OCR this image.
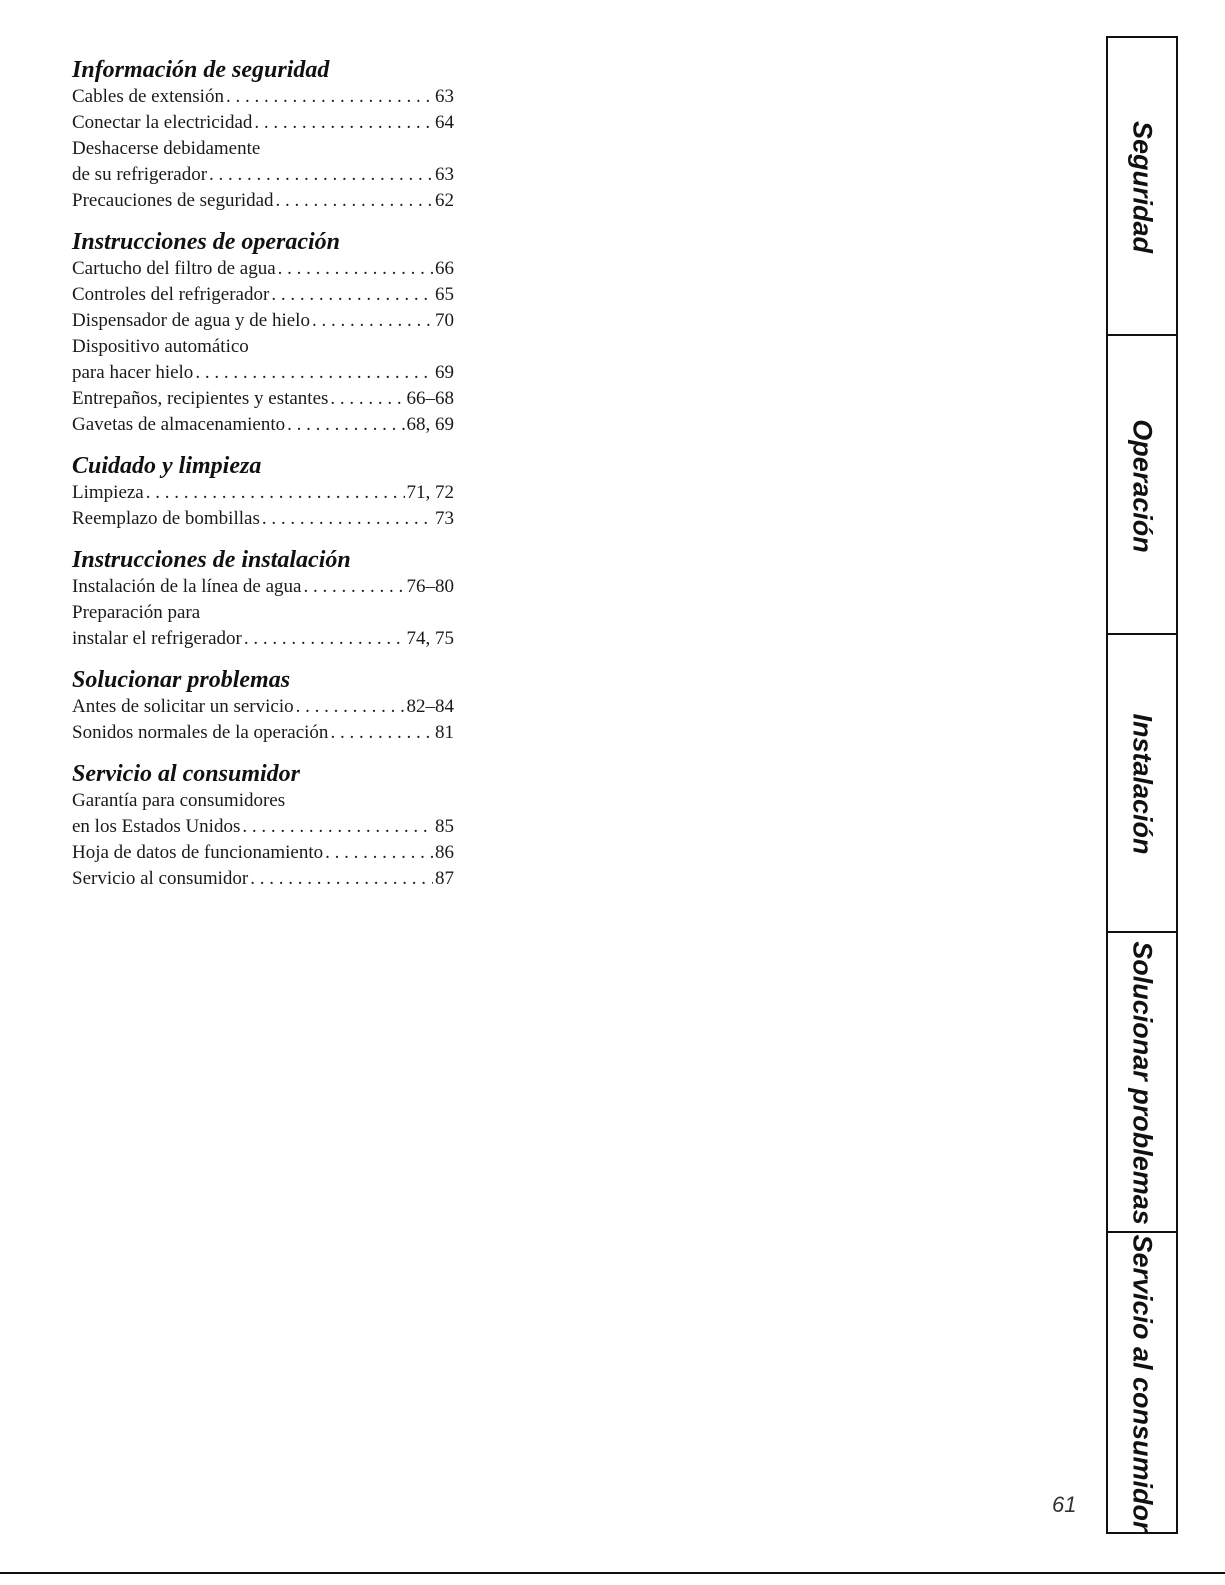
Información de seguridad
Cables de extensión . . .	63
Conectar la electricidad . . .	64
Deshacerse debidamente
de su refrigerador . . .	63
Precauciones de seguridad . . .	62
Instrucciones de operación
Cartucho del filtro de agua . . .	66
Controles del refrigerador . . .	65
Dispensador de agua y de hielo . . .	70
Dispositivo automático
para hacer hielo . . .	69
Entrepaños, recipientes y estantes . . .	66–68
Gavetas de almacenamiento . . .	68, 69
Cuidado y limpieza
Limpieza . . .	71, 72
Reemplazo de bombillas . . .	73
Instrucciones de instalación
Instalación de la línea de agua . . .	76–80
Preparación para
instalar el refrigerador . . .	74, 75
Solucionar problemas
Antes de solicitar un servicio . . .	82–84
Sonidos normales de la operación . . .	81
Servicio al consumidor
Garantía para consumidores
en los Estados Unidos . . .	85
Hoja de datos de funcionamiento . . .	86
Servicio al consumidor . . .	87
Seguridad
Operación
Instalación
Solucionar problemas
Servicio al consumidor
61
